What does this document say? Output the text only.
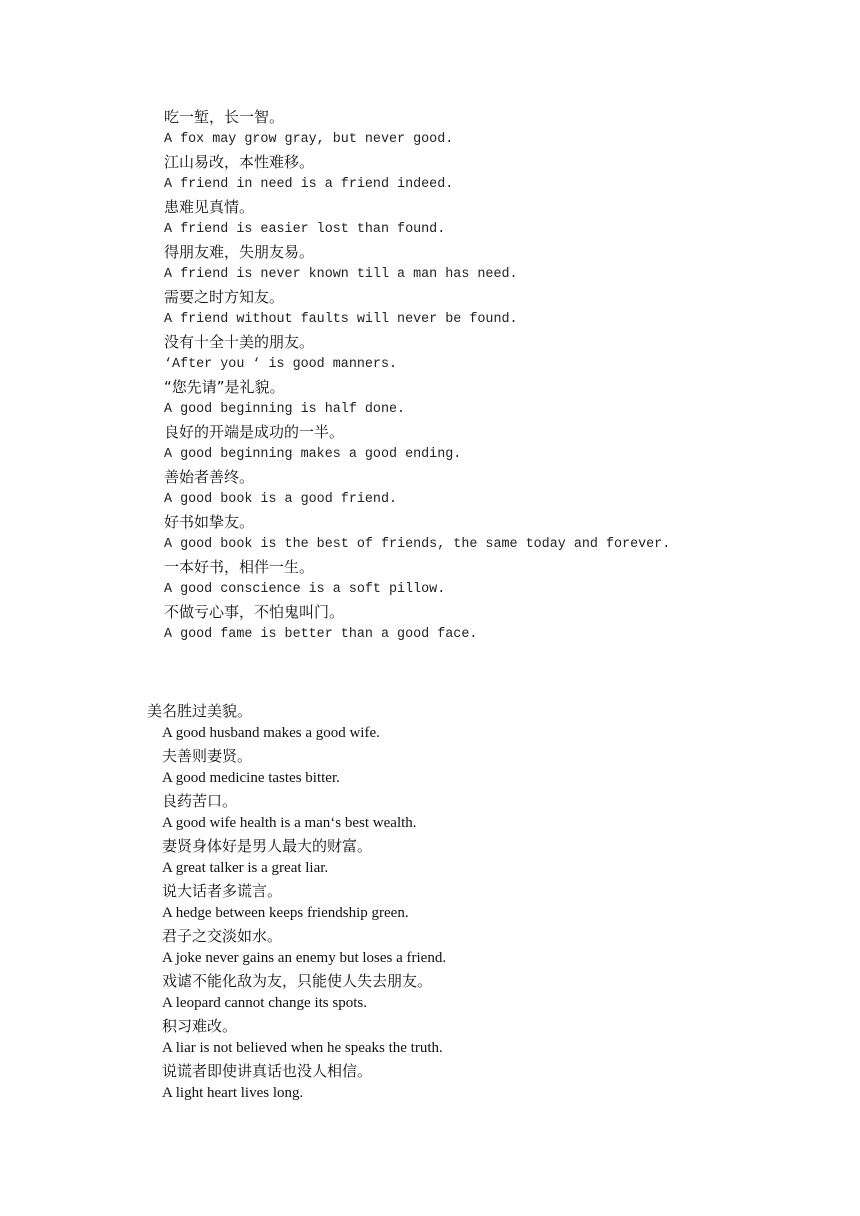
吃一堑，长一智。
A fox may grow gray, but never good.
江山易改，本性难移。
A friend in need is a friend indeed.
患难见真情。
A friend is easier lost than found.
得朋友难，失朋友易。
A friend is never known till a man has need.
需要之时方知友。
A friend without faults will never be found.
没有十全十美的朋友。
‘After you ‘ is good manners.
“您先请”是礼貌。
A good beginning is half done.
良好的开端是成功的一半。
A good beginning makes a good ending.
善始者善终。
A good book is a good friend.
好书如挚友。
A good book is the best of friends, the same today and forever.
一本好书，相伴一生。
A good conscience is a soft pillow.
不做亏心事，不怕鬼叫门。
A good fame is better than a good face.
美名胜过美貌。
A good husband makes a good wife.
夫善则妻贤。
A good medicine tastes bitter.
良药苦口。
A good wife health is a man‘s best wealth.
妻贤身体好是男人最大的财富。
A great talker is a great liar.
说大话者多谎言。
A hedge between keeps friendship green.
君子之交淡如水。
A joke never gains an enemy but loses a friend.
戏谑不能化敌为友，只能使人失去朋友。
A leopard cannot change its spots.
积习难改。
A liar is not believed when he speaks the truth.
说谎者即使讲真话也没人相信。
A light heart lives long.
